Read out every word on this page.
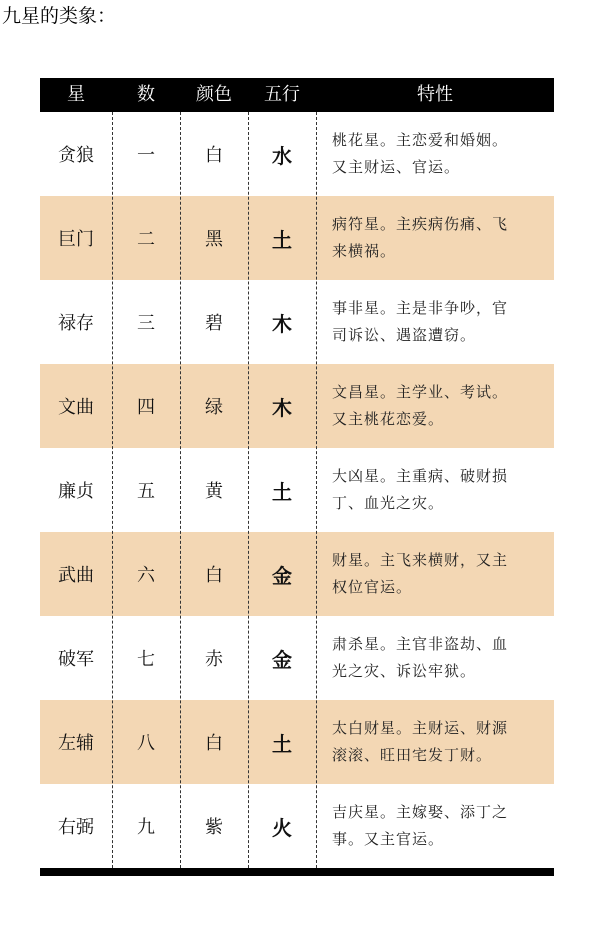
九星的类象：
星	数	颜色	五行	特性
右弼	九	紫	火
吉庆星。主嫁娶、添丁之
事。又主官运。
左辅	八	白	土
太白财星。主财运、财源
滚滚、旺田宅发丁财。
破军	七	赤	金
肃杀星。主官非盗劫、血
光之灾、诉讼牢狱。
武曲	六	白	金
财星。主飞来横财，又主
权位官运。
廉贞	五	黄	土
大凶星。主重病、破财损
丁、血光之灾。
文曲	四	绿	木
文昌星。主学业、考试。
又主桃花恋爱。
禄存	三	碧	木
事非星。主是非争吵，官
司诉讼、遇盗遭窃。
巨门	二	黑	土
病符星。主疾病伤痛、飞
来横祸。
贪狼	一	白	水
桃花星。主恋爱和婚姻。
又主财运、官运。
